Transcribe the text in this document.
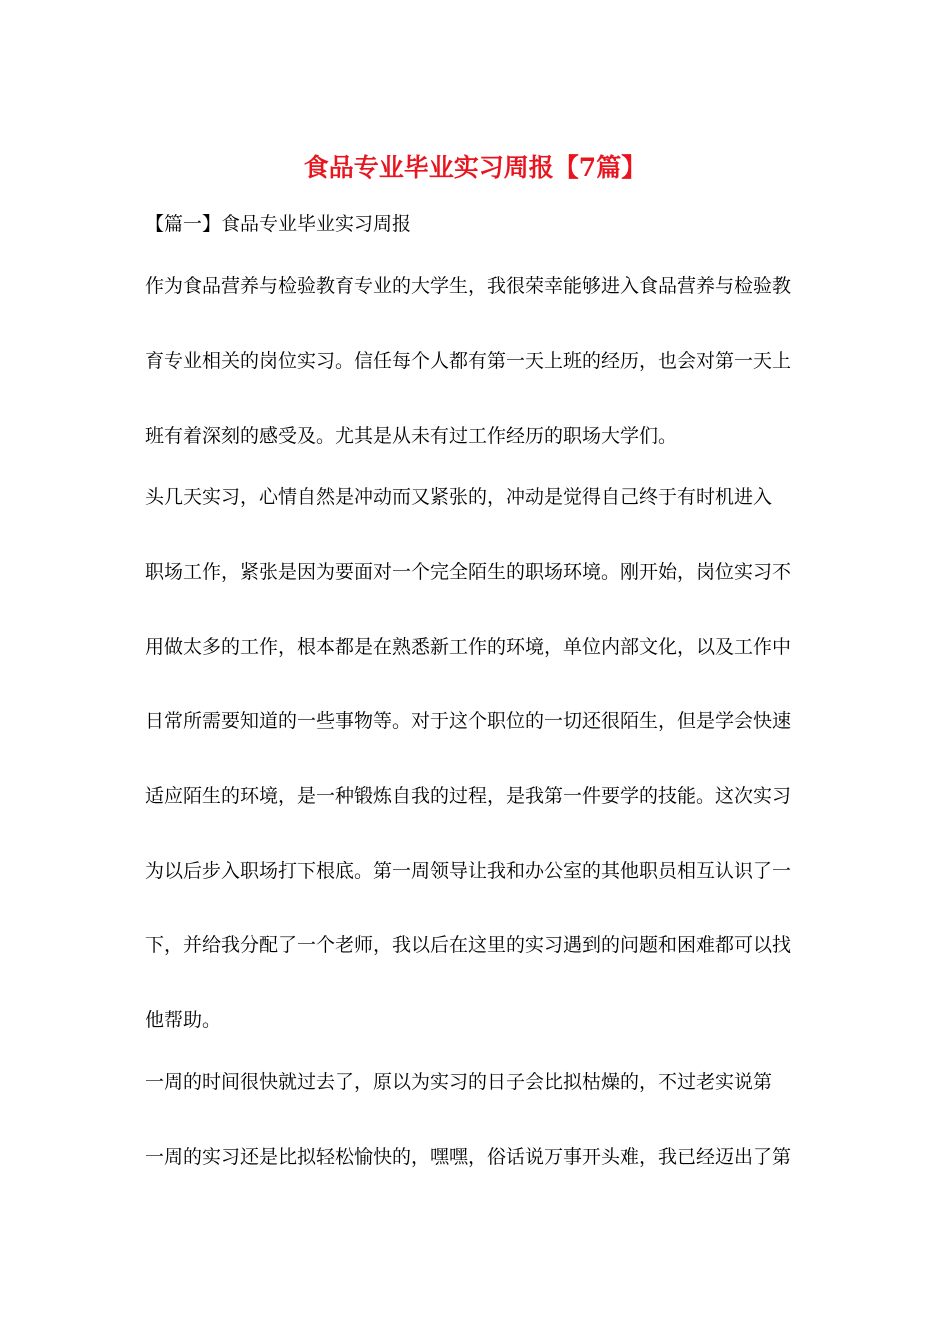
食品专业毕业实习周报【7篇】
【篇一】食品专业毕业实习周报

作为食品营养与检验教育专业的大学生，我很荣幸能够进入食品营养与检验教

育专业相关的岗位实习。信任每个人都有第一天上班的经历，也会对第一天上

班有着深刻的感受及。尤其是从未有过工作经历的职场大学们。

头几天实习，心情自然是冲动而又紧张的，冲动是觉得自己终于有时机进入

职场工作，紧张是因为要面对一个完全陌生的职场环境。刚开始，岗位实习不

用做太多的工作，根本都是在熟悉新工作的环境，单位内部文化，以及工作中

日常所需要知道的一些事物等。对于这个职位的一切还很陌生，但是学会快速

适应陌生的环境，是一种锻炼自我的过程，是我第一件要学的技能。这次实习

为以后步入职场打下根底。第一周领导让我和办公室的其他职员相互认识了一

下，并给我分配了一个老师，我以后在这里的实习遇到的问题和困难都可以找

他帮助。

一周的时间很快就过去了，原以为实习的日子会比拟枯燥的，不过老实说第

一周的实习还是比拟轻松愉快的，嘿嘿，俗话说万事开头难，我已经迈出了第
